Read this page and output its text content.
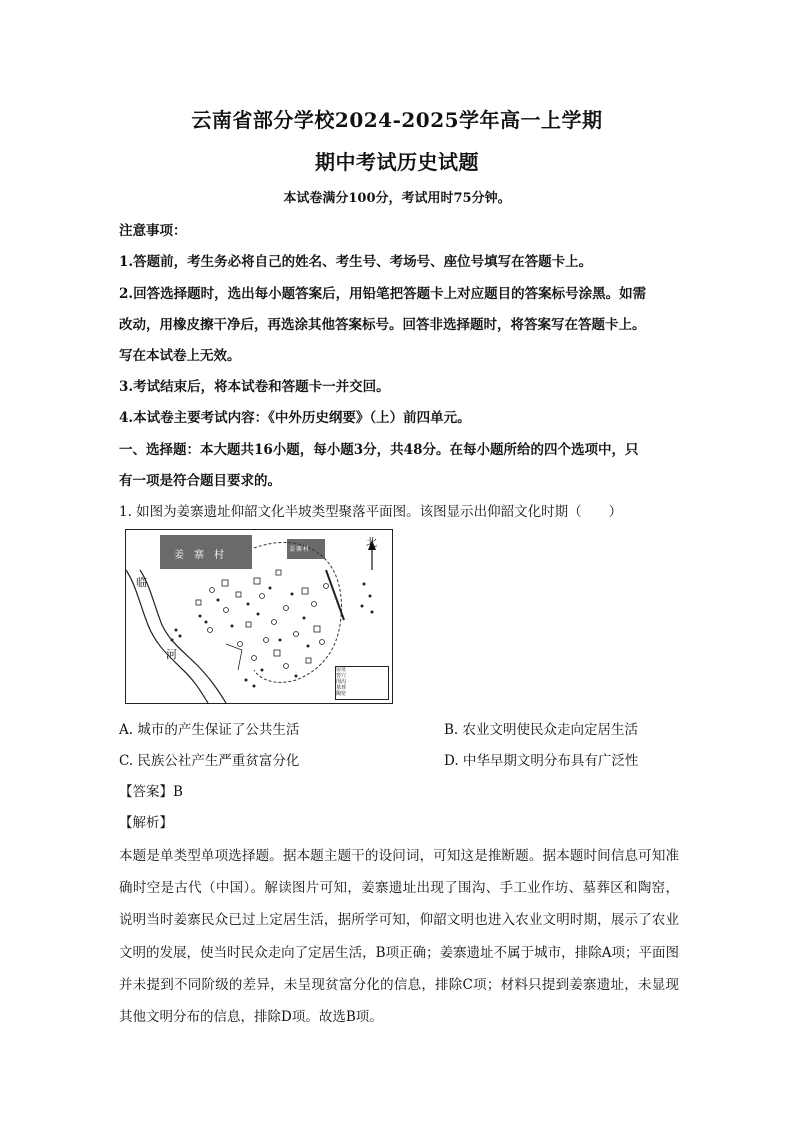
云南省部分学校2024-2025学年高一上学期
期中考试历史试题
本试卷满分100分，考试用时75分钟。
注意事项：
1.答题前，考生务必将自己的姓名、考生号、考场号、座位号填写在答题卡上。
2.回答选择题时，选出每小题答案后，用铅笔把答题卡上对应题目的答案标号涂黑。如需
改动，用橡皮擦干净后，再选涂其他答案标号。回答非选择题时，将答案写在答题卡上。
写在本试卷上无效。
3.考试结束后，将本试卷和答题卡一并交回。
4.本试卷主要考试内容：《中外历史纲要》（上）前四单元。
一、选择题：本大题共16小题，每小题3分，共48分。在每小题所给的四个选项中，只
有一项是符合题目要求的。
1. 如图为姜寨遗址仰韶文化半坡类型聚落平面图。该图显示出仰韶文化时期（　　）
姜寨村
姜寨村
北
临
河
房址
窖穴
围沟
墓葬
陶窑
A. 城市的产生保证了公共生活	B. 农业文明使民众走向定居生活
C. 民族公社产生严重贫富分化	D. 中华早期文明分布具有广泛性
【答案】B
【解析】
本题是单类型单项选择题。据本题主题干的设问词，可知这是推断题。据本题时间信息可知准确时空是古代（中国）。解读图片可知，姜寨遗址出现了围沟、手工业作坊、墓葬区和陶窑，说明当时姜寨民众已过上定居生活，据所学可知，仰韶文明也进入农业文明时期，展示了农业文明的发展，使当时民众走向了定居生活，B项正确；姜寨遗址不属于城市，排除A项；平面图并未提到不同阶级的差异，未呈现贫富分化的信息，排除C项；材料只提到姜寨遗址，未显现其他文明分布的信息，排除D项。故选B项。
